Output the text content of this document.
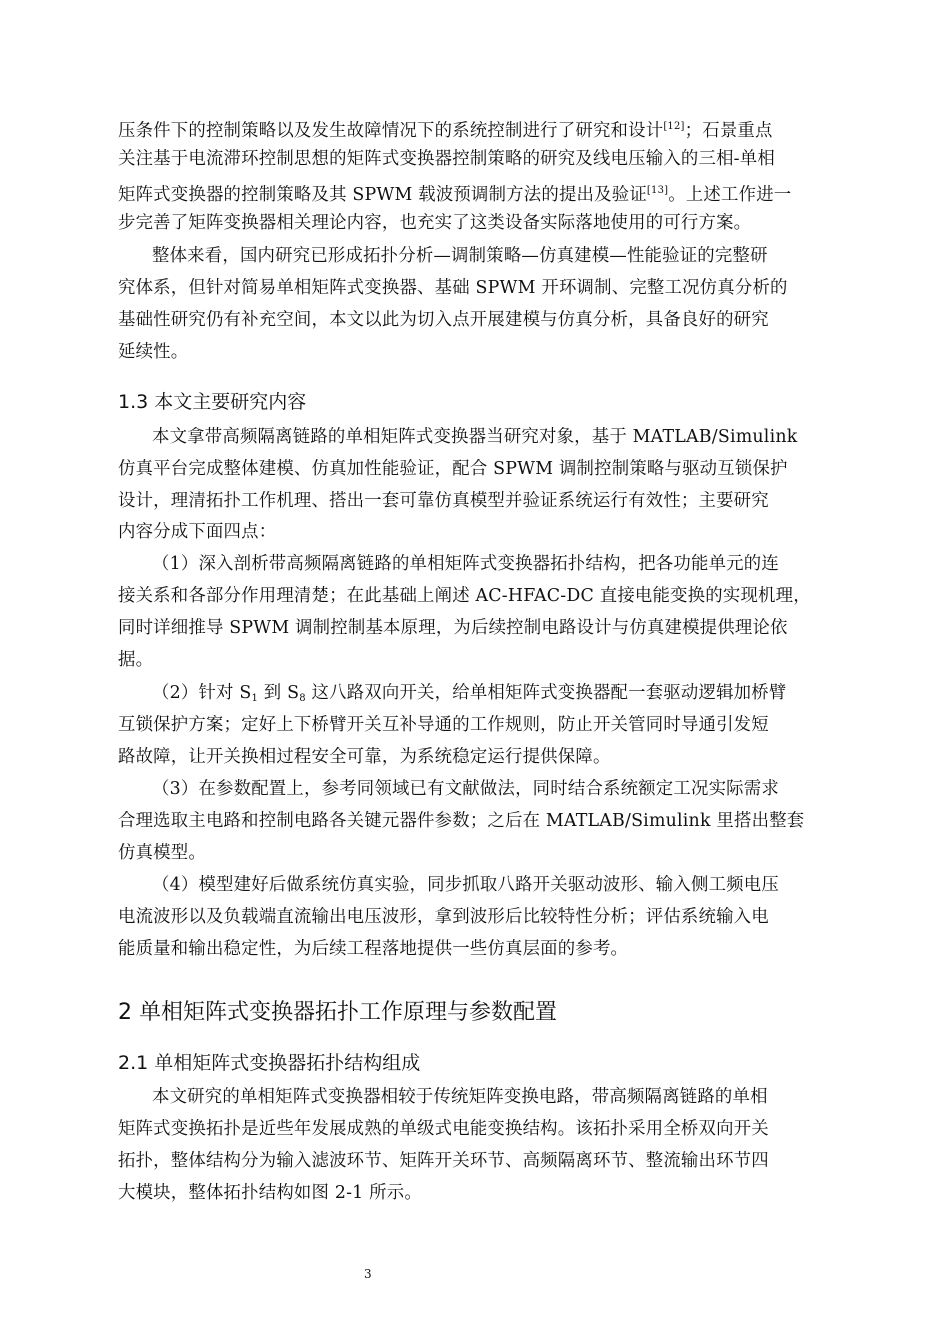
压条件下的控制策略以及发生故障情况下的系统控制进行了研究和设计[12]；石景重点
关注基于电流滞环控制思想的矩阵式变换器控制策略的研究及线电压输入的三相-单相
矩阵式变换器的控制策略及其 SPWM 载波预调制方法的提出及验证[13]。上述工作进一
步完善了矩阵变换器相关理论内容，也充实了这类设备实际落地使用的可行方案。
整体来看，国内研究已形成拓扑分析—调制策略—仿真建模—性能验证的完整研
究体系，但针对简易单相矩阵式变换器、基础 SPWM 开环调制、完整工况仿真分析的
基础性研究仍有补充空间，本文以此为切入点开展建模与仿真分析，具备良好的研究
延续性。
1.3 本文主要研究内容
本文拿带高频隔离链路的单相矩阵式变换器当研究对象，基于 MATLAB/Simulink
仿真平台完成整体建模、仿真加性能验证，配合 SPWM 调制控制策略与驱动互锁保护
设计，理清拓扑工作机理、搭出一套可靠仿真模型并验证系统运行有效性；主要研究
内容分成下面四点：
（1）深入剖析带高频隔离链路的单相矩阵式变换器拓扑结构，把各功能单元的连
接关系和各部分作用理清楚；在此基础上阐述 AC-HFAC-DC 直接电能变换的实现机理，
同时详细推导 SPWM 调制控制基本原理，为后续控制电路设计与仿真建模提供理论依
据。
（2）针对 $S_1$ 到 $S_8$ 这八路双向开关，给单相矩阵式变换器配一套驱动逻辑加桥臂
互锁保护方案；定好上下桥臂开关互补导通的工作规则，防止开关管同时导通引发短
路故障，让开关换相过程安全可靠，为系统稳定运行提供保障。
（3）在参数配置上，参考同领域已有文献做法，同时结合系统额定工况实际需求
合理选取主电路和控制电路各关键元器件参数；之后在 MATLAB/Simulink 里搭出整套
仿真模型。
（4）模型建好后做系统仿真实验，同步抓取八路开关驱动波形、输入侧工频电压
电流波形以及负载端直流输出电压波形，拿到波形后比较特性分析；评估系统输入电
能质量和输出稳定性，为后续工程落地提供一些仿真层面的参考。
2 单相矩阵式变换器拓扑工作原理与参数配置
2.1 单相矩阵式变换器拓扑结构组成
本文研究的单相矩阵式变换器相较于传统矩阵变换电路，带高频隔离链路的单相
矩阵式变换拓扑是近些年发展成熟的单级式电能变换结构。该拓扑采用全桥双向开关
拓扑，整体结构分为输入滤波环节、矩阵开关环节、高频隔离环节、整流输出环节四
大模块，整体拓扑结构如图 2-1 所示。
3
